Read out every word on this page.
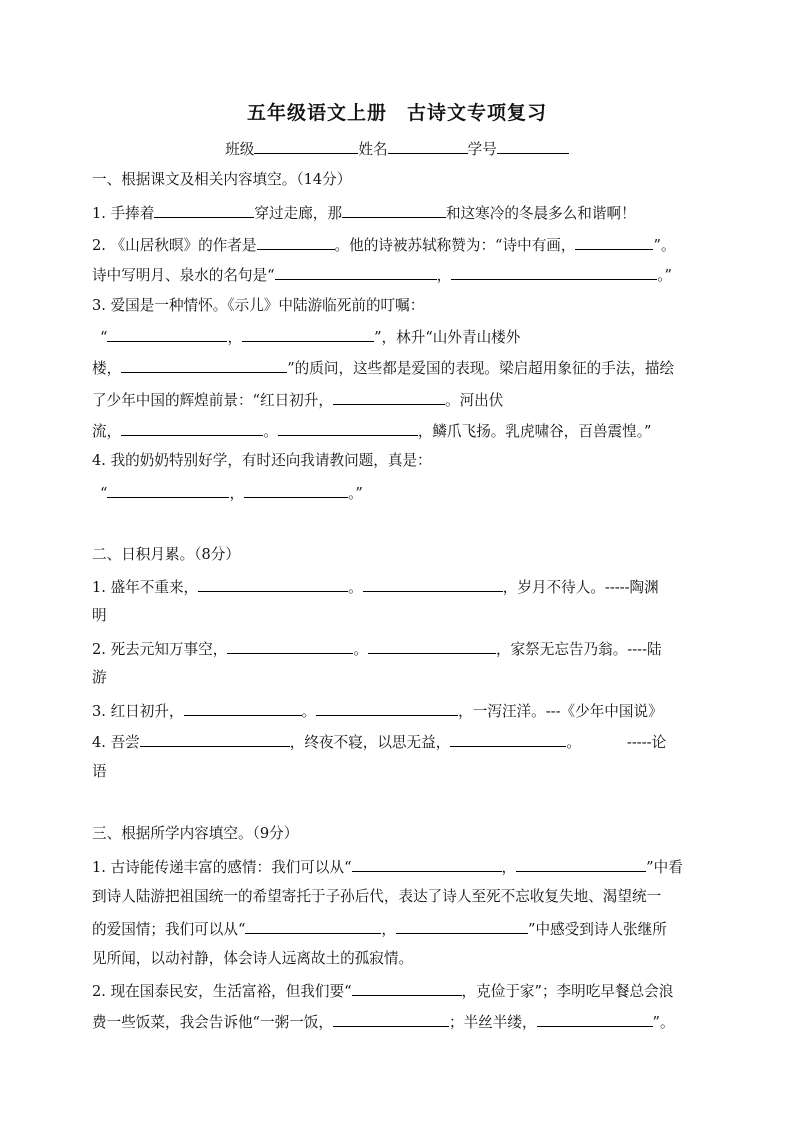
五年级语文上册　古诗文专项复习
班级	姓名	学号
一、根据课文及相关内容填空。（14分）
1. 手捧着	穿过走廊，那	和这寒冷的冬晨多么和谐啊！
2. 《山居秋暝》的作者是	。他的诗被苏轼称赞为：“诗中有画，	”。
诗中写明月、泉水的名句是“	，	。”
3. 爱国是一种情怀。《示儿》中陆游临死前的叮嘱：
“	，	”，林升“山外青山楼外
楼，	”的质问，这些都是爱国的表现。梁启超用象征的手法，描绘
了少年中国的辉煌前景：“红日初升，	。河出伏
流，	。	，鳞爪飞扬。乳虎啸谷，百兽震惶。”
4. 我的奶奶特别好学，有时还向我请教问题，真是：
“	，	。”
二、日积月累。（8分）
1. 盛年不重来，	。	，岁月不待人。-----陶渊
明
2. 死去元知万事空，	。	，家祭无忘告乃翁。----陆
游
3. 红日初升，	。	，一泻汪洋。---《少年中国说》
4. 吾尝	，终夜不寝，以思无益，	。	-----论
语
三、根据所学内容填空。（9分）
1. 古诗能传递丰富的感情：我们可以从“	，	”中看
到诗人陆游把祖国统一的希望寄托于子孙后代，表达了诗人至死不忘收复失地、渴望统一
的爱国情；我们可以从“	，	”中感受到诗人张继所
见所闻，以动衬静，体会诗人远离故土的孤寂情。
2. 现在国泰民安，生活富裕，但我们要“	，克俭于家”；李明吃早餐总会浪
费一些饭菜，我会告诉他“一粥一饭，	；半丝半缕，	”。
